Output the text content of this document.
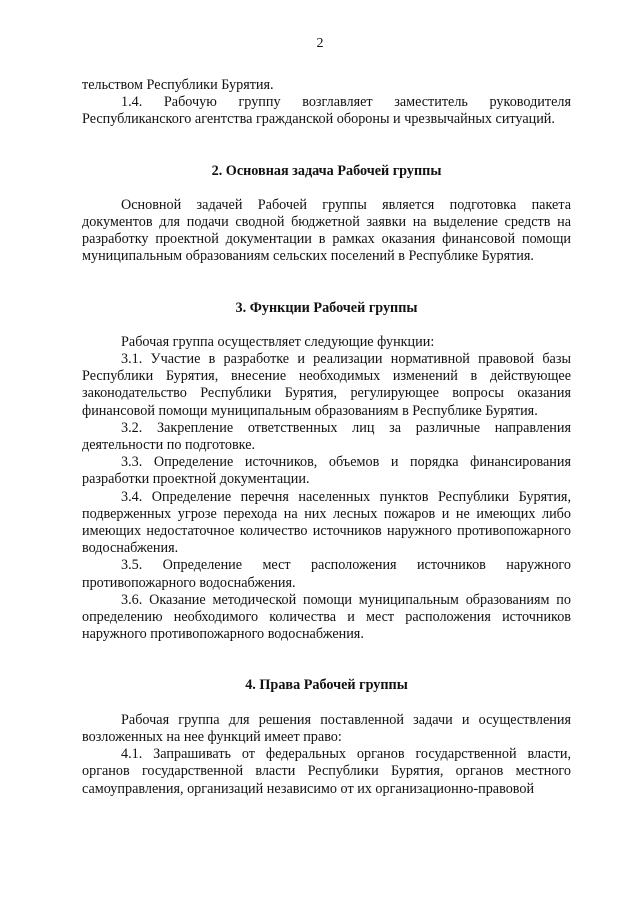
2

тельством Республики Бурятия.

1.4. Рабочую группу возглавляет заместитель руководителя Республиканского агентства гражданской обороны и чрезвычайных ситуаций.

2. Основная задача Рабочей группы

Основной задачей Рабочей группы является подготовка пакета документов для подачи сводной бюджетной заявки на выделение средств на разработку проектной документации в рамках оказания финансовой помощи муниципальным образованиям сельских поселений в Республике Бурятия.

3. Функции Рабочей группы

Рабочая группа осуществляет следующие функции:

3.1. Участие в разработке и реализации нормативной правовой базы Республики Бурятия, внесение необходимых изменений в действующее законодательство Республики Бурятия, регулирующее вопросы оказания финансовой помощи муниципальным образованиям в Республике Бурятия.

3.2. Закрепление ответственных лиц за различные направления деятельности по подготовке.

3.3. Определение источников, объемов и порядка финансирования разработки проектной документации.

3.4. Определение перечня населенных пунктов Республики Бурятия, подверженных угрозе перехода на них лесных пожаров и не имеющих либо имеющих недостаточное количество источников наружного противопожарного водоснабжения.

3.5. Определение мест расположения источников наружного противопожарного водоснабжения.

3.6. Оказание методической помощи муниципальным образованиям по определению необходимого количества и мест расположения источников наружного противопожарного водоснабжения.

4. Права Рабочей группы

Рабочая группа для решения поставленной задачи и осуществления возложенных на нее функций имеет право:

4.1. Запрашивать от федеральных органов государственной власти, органов государственной власти Республики Бурятия, органов местного самоуправления, организаций независимо от их организационно-правовой
